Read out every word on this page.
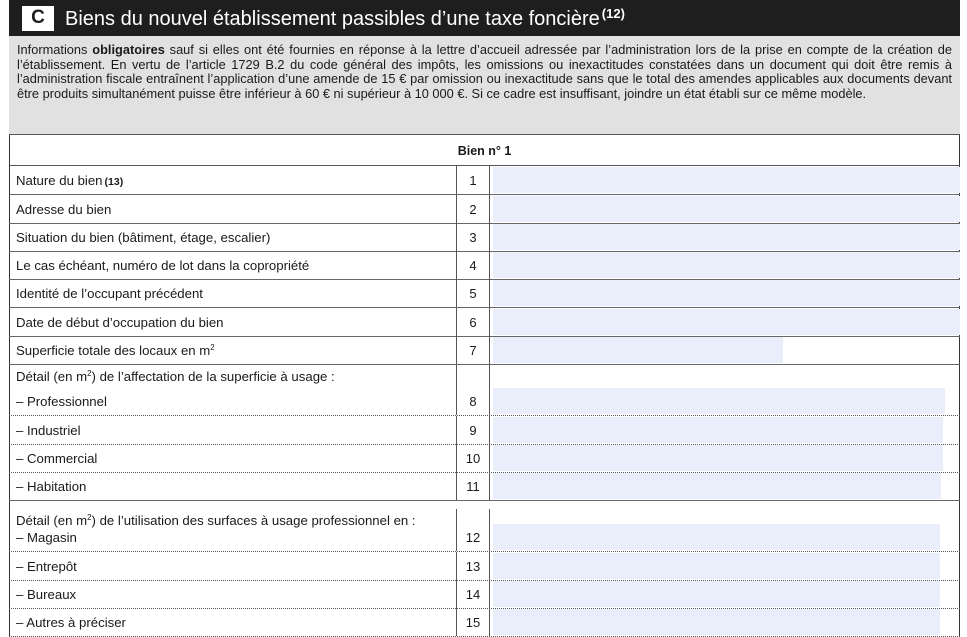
C	Biens du nouvel établissement passibles d’une taxe foncière $^{(12)}$
Informations obligatoires sauf si elles ont été fournies en réponse à la lettre d’accueil adressée par l’administration lors de la prise en compte de la création de l’établissement. En vertu de l’article 1729 B.2 du code général des impôts, les omissions ou inexactitudes constatées dans un document qui doit être remis à l’administration fiscale entraînent l’application d’une amende de 15 € par omission ou inexactitude sans que le total des amendes applicables aux documents devant être produits simultanément puisse être inférieur à 60 € ni supérieur à 10 000 €. Si ce cadre est insuffisant, joindre un état établi sur ce même modèle.
Bien n° 1
Nature du bien (13)	1
Adresse du bien	2
Situation du bien (bâtiment, étage, escalier)	3
Le cas échéant, numéro de lot dans la copropriété	4
Identité de l’occupant précédent	5
Date de début d’occupation du bien	6
Superficie totale des locaux en $m^2$	7
Détail (en $m^2$) de l’affectation de la superficie à usage :
– Professionnel	8
– Industriel	9
– Commercial	10
– Habitation	11
Détail (en $m^2$) de l’utilisation des surfaces à usage professionnel en :
– Magasin	12
– Entrepôt	13
– Bureaux	14
– Autres à préciser	15
